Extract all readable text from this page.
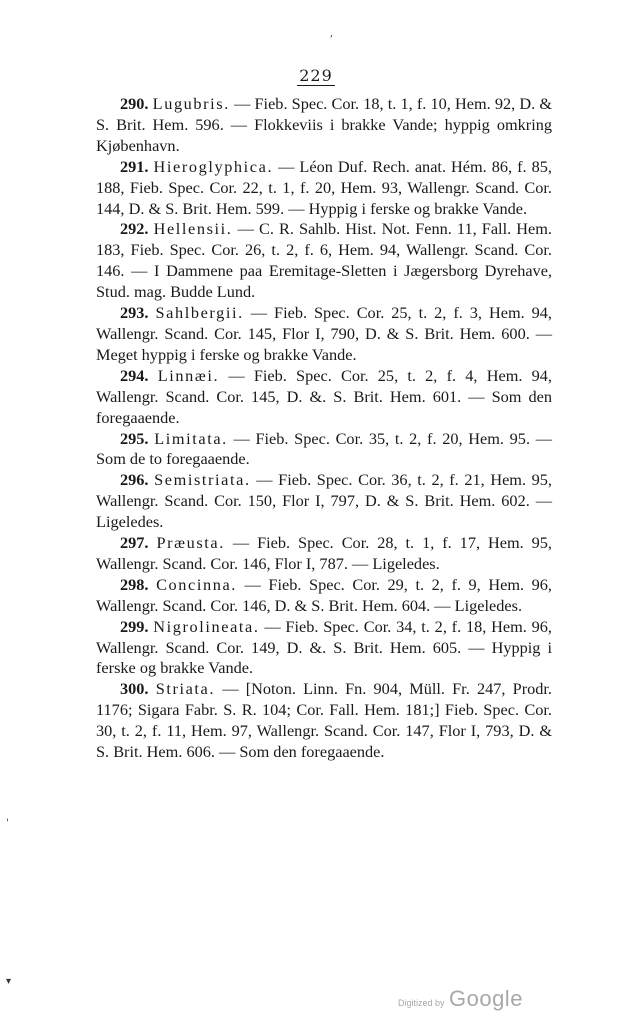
,
'
▾
229

290. Lugubris. — Fieb. Spec. Cor. 18, t. 1, f. 10, Hem. 92, D. & S. Brit. Hem. 596. — Flokkeviis i brakke Vande; hyppig omkring Kjøbenhavn.

291. Hieroglyphica. — Léon Duf. Rech. anat. Hém. 86, f. 85, 188, Fieb. Spec. Cor. 22, t. 1, f. 20, Hem. 93, Wallengr. Scand. Cor. 144, D. & S. Brit. Hem. 599. — Hyppig i ferske og brakke Vande.

292. Hellensii. — C. R. Sahlb. Hist. Not. Fenn. 11, Fall. Hem. 183, Fieb. Spec. Cor. 26, t. 2, f. 6, Hem. 94, Wallengr. Scand. Cor. 146. — I Dammene paa Eremitage-Sletten i Jægersborg Dyrehave, Stud. mag. Budde Lund.

293. Sahlbergii. — Fieb. Spec. Cor. 25, t. 2, f. 3, Hem. 94, Wallengr. Scand. Cor. 145, Flor I, 790, D. & S. Brit. Hem. 600. — Meget hyppig i ferske og brakke Vande.

294. Linnæi. — Fieb. Spec. Cor. 25, t. 2, f. 4, Hem. 94, Wallengr. Scand. Cor. 145, D. &. S. Brit. Hem. 601. — Som den foregaaende.

295. Limitata. — Fieb. Spec. Cor. 35, t. 2, f. 20, Hem. 95. — Som de to foregaaende.

296. Semistriata. — Fieb. Spec. Cor. 36, t. 2, f. 21, Hem. 95, Wallengr. Scand. Cor. 150, Flor I, 797, D. & S. Brit. Hem. 602. — Ligeledes.

297. Præusta. — Fieb. Spec. Cor. 28, t. 1, f. 17, Hem. 95, Wallengr. Scand. Cor. 146, Flor I, 787. — Ligeledes.

298. Concinna. — Fieb. Spec. Cor. 29, t. 2, f. 9, Hem. 96, Wallengr. Scand. Cor. 146, D. & S. Brit. Hem. 604. — Ligeledes.

299. Nigrolineata. — Fieb. Spec. Cor. 34, t. 2, f. 18, Hem. 96, Wallengr. Scand. Cor. 149, D. &. S. Brit. Hem. 605. — Hyppig i ferske og brakke Vande.

300. Striata. — [Noton. Linn. Fn. 904, Müll. Fr. 247, Prodr. 1176; Sigara Fabr. S. R. 104; Cor. Fall. Hem. 181;] Fieb. Spec. Cor. 30, t. 2, f. 11, Hem. 97, Wallengr. Scand. Cor. 147, Flor I, 793, D. & S. Brit. Hem. 606. — Som den foregaaende.

Digitized by Google
